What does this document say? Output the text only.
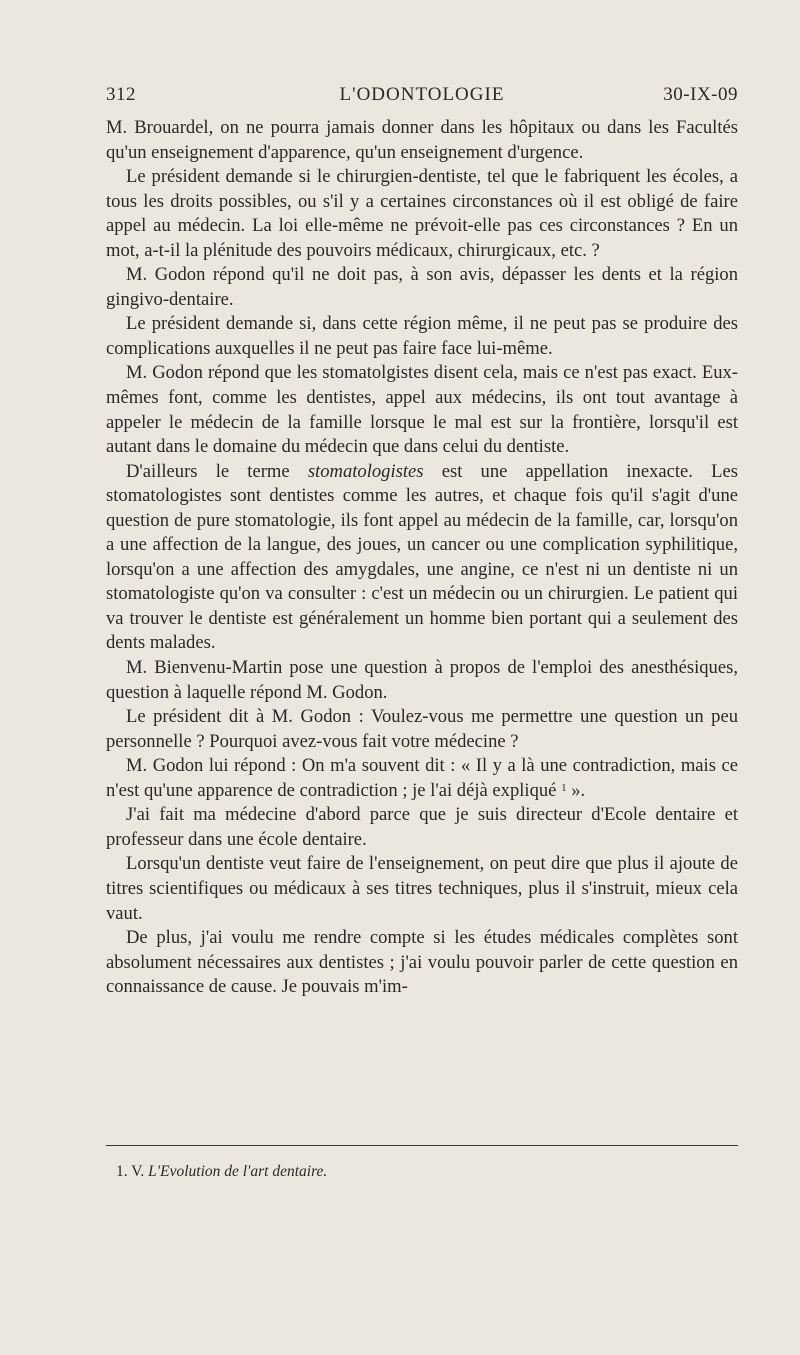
312	L'ODONTOLOGIE	30-IX-09

M. Brouardel, on ne pourra jamais donner dans les hôpitaux ou dans les Facultés qu'un enseignement d'apparence, qu'un enseignement d'urgence.

Le président demande si le chirurgien-dentiste, tel que le fabriquent les écoles, a tous les droits possibles, ou s'il y a certaines circonstances où il est obligé de faire appel au médecin. La loi elle-même ne prévoit-elle pas ces circonstances ? En un mot, a-t-il la plénitude des pouvoirs médicaux, chirurgicaux, etc. ?

M. Godon répond qu'il ne doit pas, à son avis, dépasser les dents et la région gingivo-dentaire.

Le président demande si, dans cette région même, il ne peut pas se produire des complications auxquelles il ne peut pas faire face lui-même.

M. Godon répond que les stomatolgistes disent cela, mais ce n'est pas exact. Eux-mêmes font, comme les dentistes, appel aux médecins, ils ont tout avantage à appeler le médecin de la famille lorsque le mal est sur la frontière, lorsqu'il est autant dans le domaine du médecin que dans celui du dentiste.

D'ailleurs le terme stomatologistes est une appellation inexacte. Les stomatologistes sont dentistes comme les autres, et chaque fois qu'il s'agit d'une question de pure stomatologie, ils font appel au médecin de la famille, car, lorsqu'on a une affection de la langue, des joues, un cancer ou une complication syphilitique, lorsqu'on a une affection des amygdales, une angine, ce n'est ni un dentiste ni un stomatologiste qu'on va consulter : c'est un médecin ou un chirurgien. Le patient qui va trouver le dentiste est généralement un homme bien portant qui a seulement des dents malades.

M. Bienvenu-Martin pose une question à propos de l'emploi des anesthésiques, question à laquelle répond M. Godon.

Le président dit à M. Godon : Voulez-vous me permettre une question un peu personnelle ? Pourquoi avez-vous fait votre médecine ?

M. Godon lui répond : On m'a souvent dit : « Il y a là une contradiction, mais ce n'est qu'une apparence de contradiction ; je l'ai déjà expliqué $^1$ ».

J'ai fait ma médecine d'abord parce que je suis directeur d'Ecole dentaire et professeur dans une école dentaire.

Lorsqu'un dentiste veut faire de l'enseignement, on peut dire que plus il ajoute de titres scientifiques ou médicaux à ses titres techniques, plus il s'instruit, mieux cela vaut.

De plus, j'ai voulu me rendre compte si les études médicales complètes sont absolument nécessaires aux dentistes ; j'ai voulu pouvoir parler de cette question en connaissance de cause. Je pouvais m'im-

1. V. L'Evolution de l'art dentaire.
